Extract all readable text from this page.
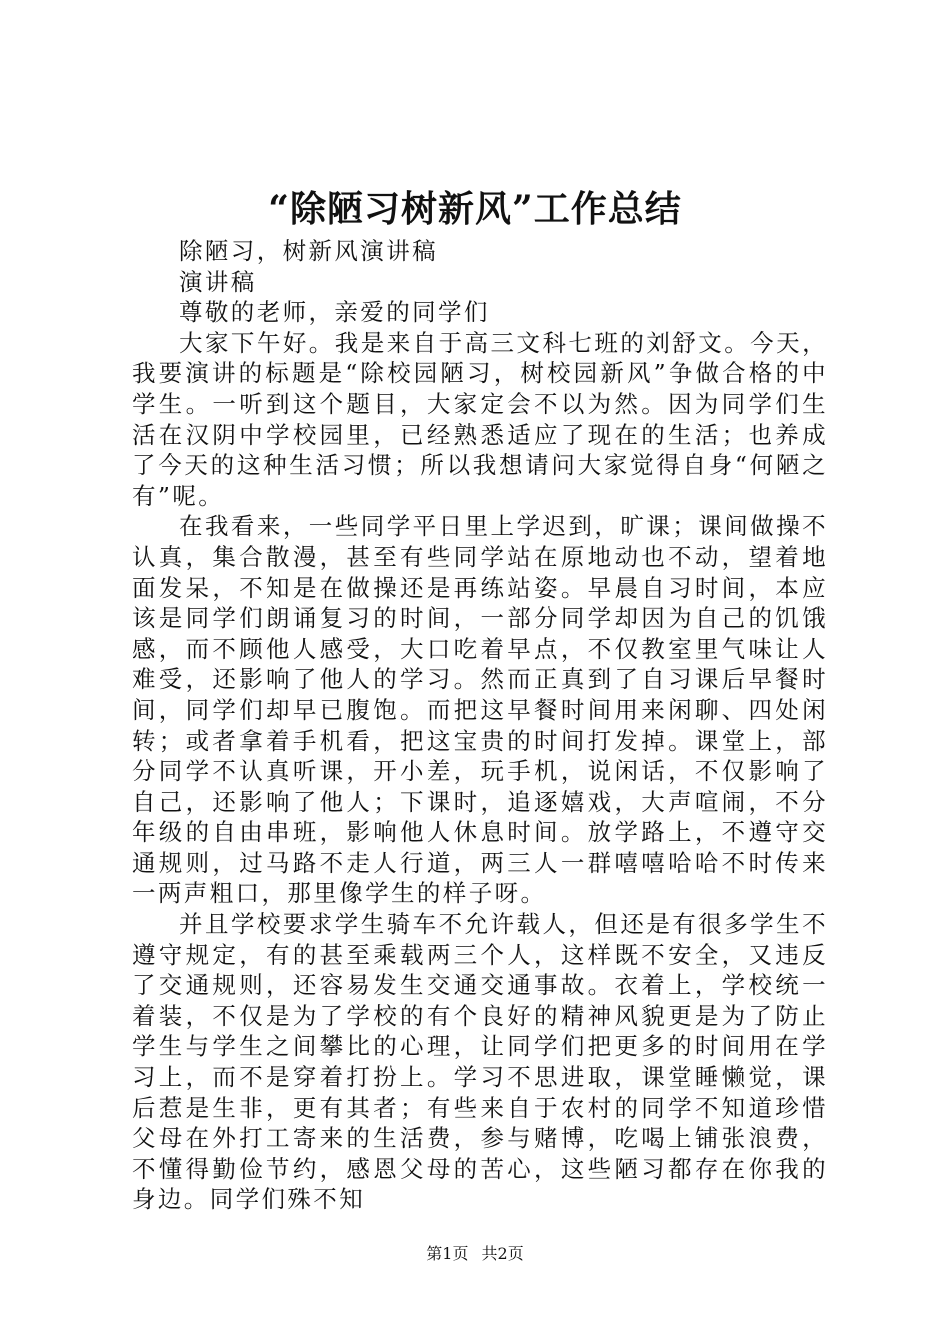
“除陋习树新风”工作总结

除陋习，树新风演讲稿

演讲稿

尊敬的老师，亲爱的同学们

大家下午好。我是来自于高三文科七班的刘舒文。今天，我要演讲的标题是“除校园陋习，树校园新风”争做合格的中学生。一听到这个题目，大家定会不以为然。因为同学们生活在汉阴中学校园里，已经熟悉适应了现在的生活；也养成了今天的这种生活习惯；所以我想请问大家觉得自身“何陋之有”呢。

在我看来，一些同学平日里上学迟到，旷课；课间做操不认真，集合散漫，甚至有些同学站在原地动也不动，望着地面发呆，不知是在做操还是再练站姿。早晨自习时间，本应该是同学们朗诵复习的时间，一部分同学却因为自己的饥饿感，而不顾他人感受，大口吃着早点，不仅教室里气味让人难受，还影响了他人的学习。然而正真到了自习课后早餐时间，同学们却早已腹饱。而把这早餐时间用来闲聊、四处闲转；或者拿着手机看，把这宝贵的时间打发掉。课堂上，部分同学不认真听课，开小差，玩手机，说闲话，不仅影响了自己，还影响了他人；下课时，追逐嬉戏，大声喧闹，不分年级的自由串班，影响他人休息时间。放学路上，不遵守交通规则，过马路不走人行道，两三人一群嘻嘻哈哈不时传来一两声粗口，那里像学生的样子呀。

并且学校要求学生骑车不允许载人，但还是有很多学生不遵守规定，有的甚至乘载两三个人，这样既不安全，又违反了交通规则，还容易发生交通交通事故。衣着上，学校统一着装，不仅是为了学校的有个良好的精神风貌更是为了防止学生与学生之间攀比的心理，让同学们把更多的时间用在学习上，而不是穿着打扮上。学习不思进取，课堂睡懒觉，课后惹是生非，更有其者；有些来自于农村的同学不知道珍惜父母在外打工寄来的生活费，参与赌博，吃喝上铺张浪费，不懂得勤俭节约，感恩父母的苦心，这些陋习都存在你我的身边。同学们殊不知

第1页 共2页
